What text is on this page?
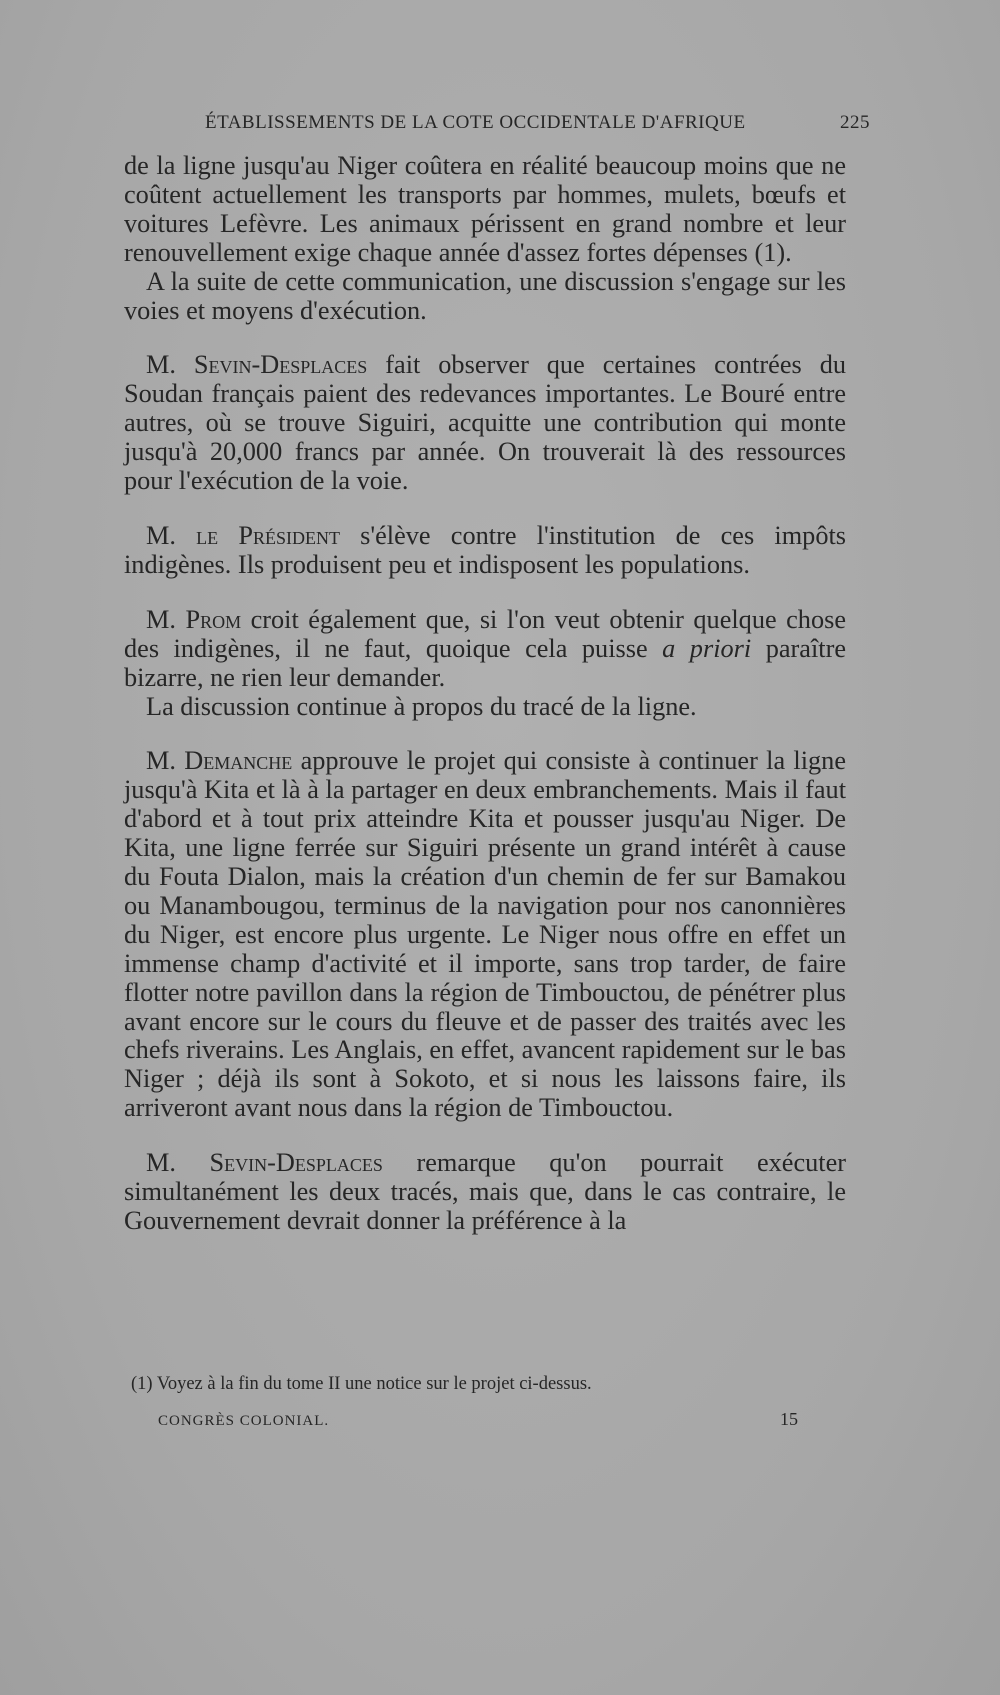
ÉTABLISSEMENTS DE LA COTE OCCIDENTALE D'AFRIQUE	225

de la ligne jusqu'au Niger coûtera en réalité beaucoup moins que ne coûtent actuellement les transports par hommes, mulets, bœufs et voitures Lefèvre. Les animaux périssent en grand nombre et leur renouvellement exige chaque année d'assez fortes dépenses (1).

A la suite de cette communication, une discussion s'engage sur les voies et moyens d'exécution.

M. Sevin-Desplaces fait observer que certaines contrées du Soudan français paient des redevances importantes. Le Bouré entre autres, où se trouve Siguiri, acquitte une contribution qui monte jusqu'à 20,000 francs par année. On trouverait là des ressources pour l'exécution de la voie.

M. le Président s'élève contre l'institution de ces impôts indigènes. Ils produisent peu et indisposent les populations.

M. Prom croit également que, si l'on veut obtenir quelque chose des indigènes, il ne faut, quoique cela puisse a priori paraître bizarre, ne rien leur demander.

La discussion continue à propos du tracé de la ligne.

M. Demanche approuve le projet qui consiste à continuer la ligne jusqu'à Kita et là à la partager en deux embranchements. Mais il faut d'abord et à tout prix atteindre Kita et pousser jusqu'au Niger. De Kita, une ligne ferrée sur Siguiri présente un grand intérêt à cause du Fouta Dialon, mais la création d'un chemin de fer sur Bamakou ou Manambougou, terminus de la navigation pour nos canonnières du Niger, est encore plus urgente. Le Niger nous offre en effet un immense champ d'activité et il importe, sans trop tarder, de faire flotter notre pavillon dans la région de Timbouctou, de pénétrer plus avant encore sur le cours du fleuve et de passer des traités avec les chefs riverains. Les Anglais, en effet, avancent rapidement sur le bas Niger ; déjà ils sont à Sokoto, et si nous les laissons faire, ils arriveront avant nous dans la région de Timbouctou.

M. Sevin-Desplaces remarque qu'on pourrait exécuter simultanément les deux tracés, mais que, dans le cas contraire, le Gouvernement devrait donner la préférence à la

(1) Voyez à la fin du tome II une notice sur le projet ci-dessus.
CONGRÈS COLONIAL.	15
